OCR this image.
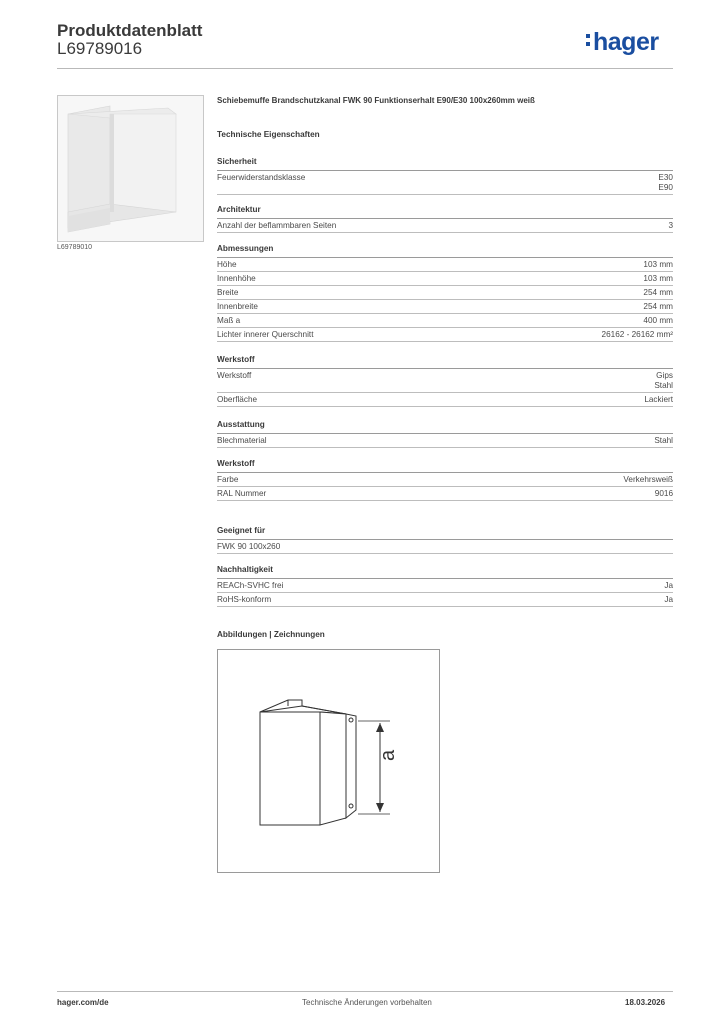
Produktdatenblatt
L69789016	hager
L69789010
Schiebemuffe Brandschutzkanal FWK 90 Funktionserhalt E90/E30 100x260mm weiß
Technische Eigenschaften
Sicherheit
Feuerwiderstandsklasse	E30
E90
Architektur
Anzahl der beflammbaren Seiten	3
Abmessungen
Höhe	103 mm
Innenhöhe	103 mm
Breite	254 mm
Innenbreite	254 mm
Maß a	400 mm
Lichter innerer Querschnitt	26162 - 26162 mm²
Werkstoff
Werkstoff	Gips
Stahl
Oberfläche	Lackiert
Ausstattung
Blechmaterial	Stahl
Werkstoff
Farbe	Verkehrsweiß
RAL Nummer	9016
Geeignet für
FWK 90 100x260
Nachhaltigkeit
REACh-SVHC frei	Ja
RoHS-konform	Ja
Abbildungen | Zeichnungen
a
hager.com/de	Technische Änderungen vorbehalten	18.03.2026
